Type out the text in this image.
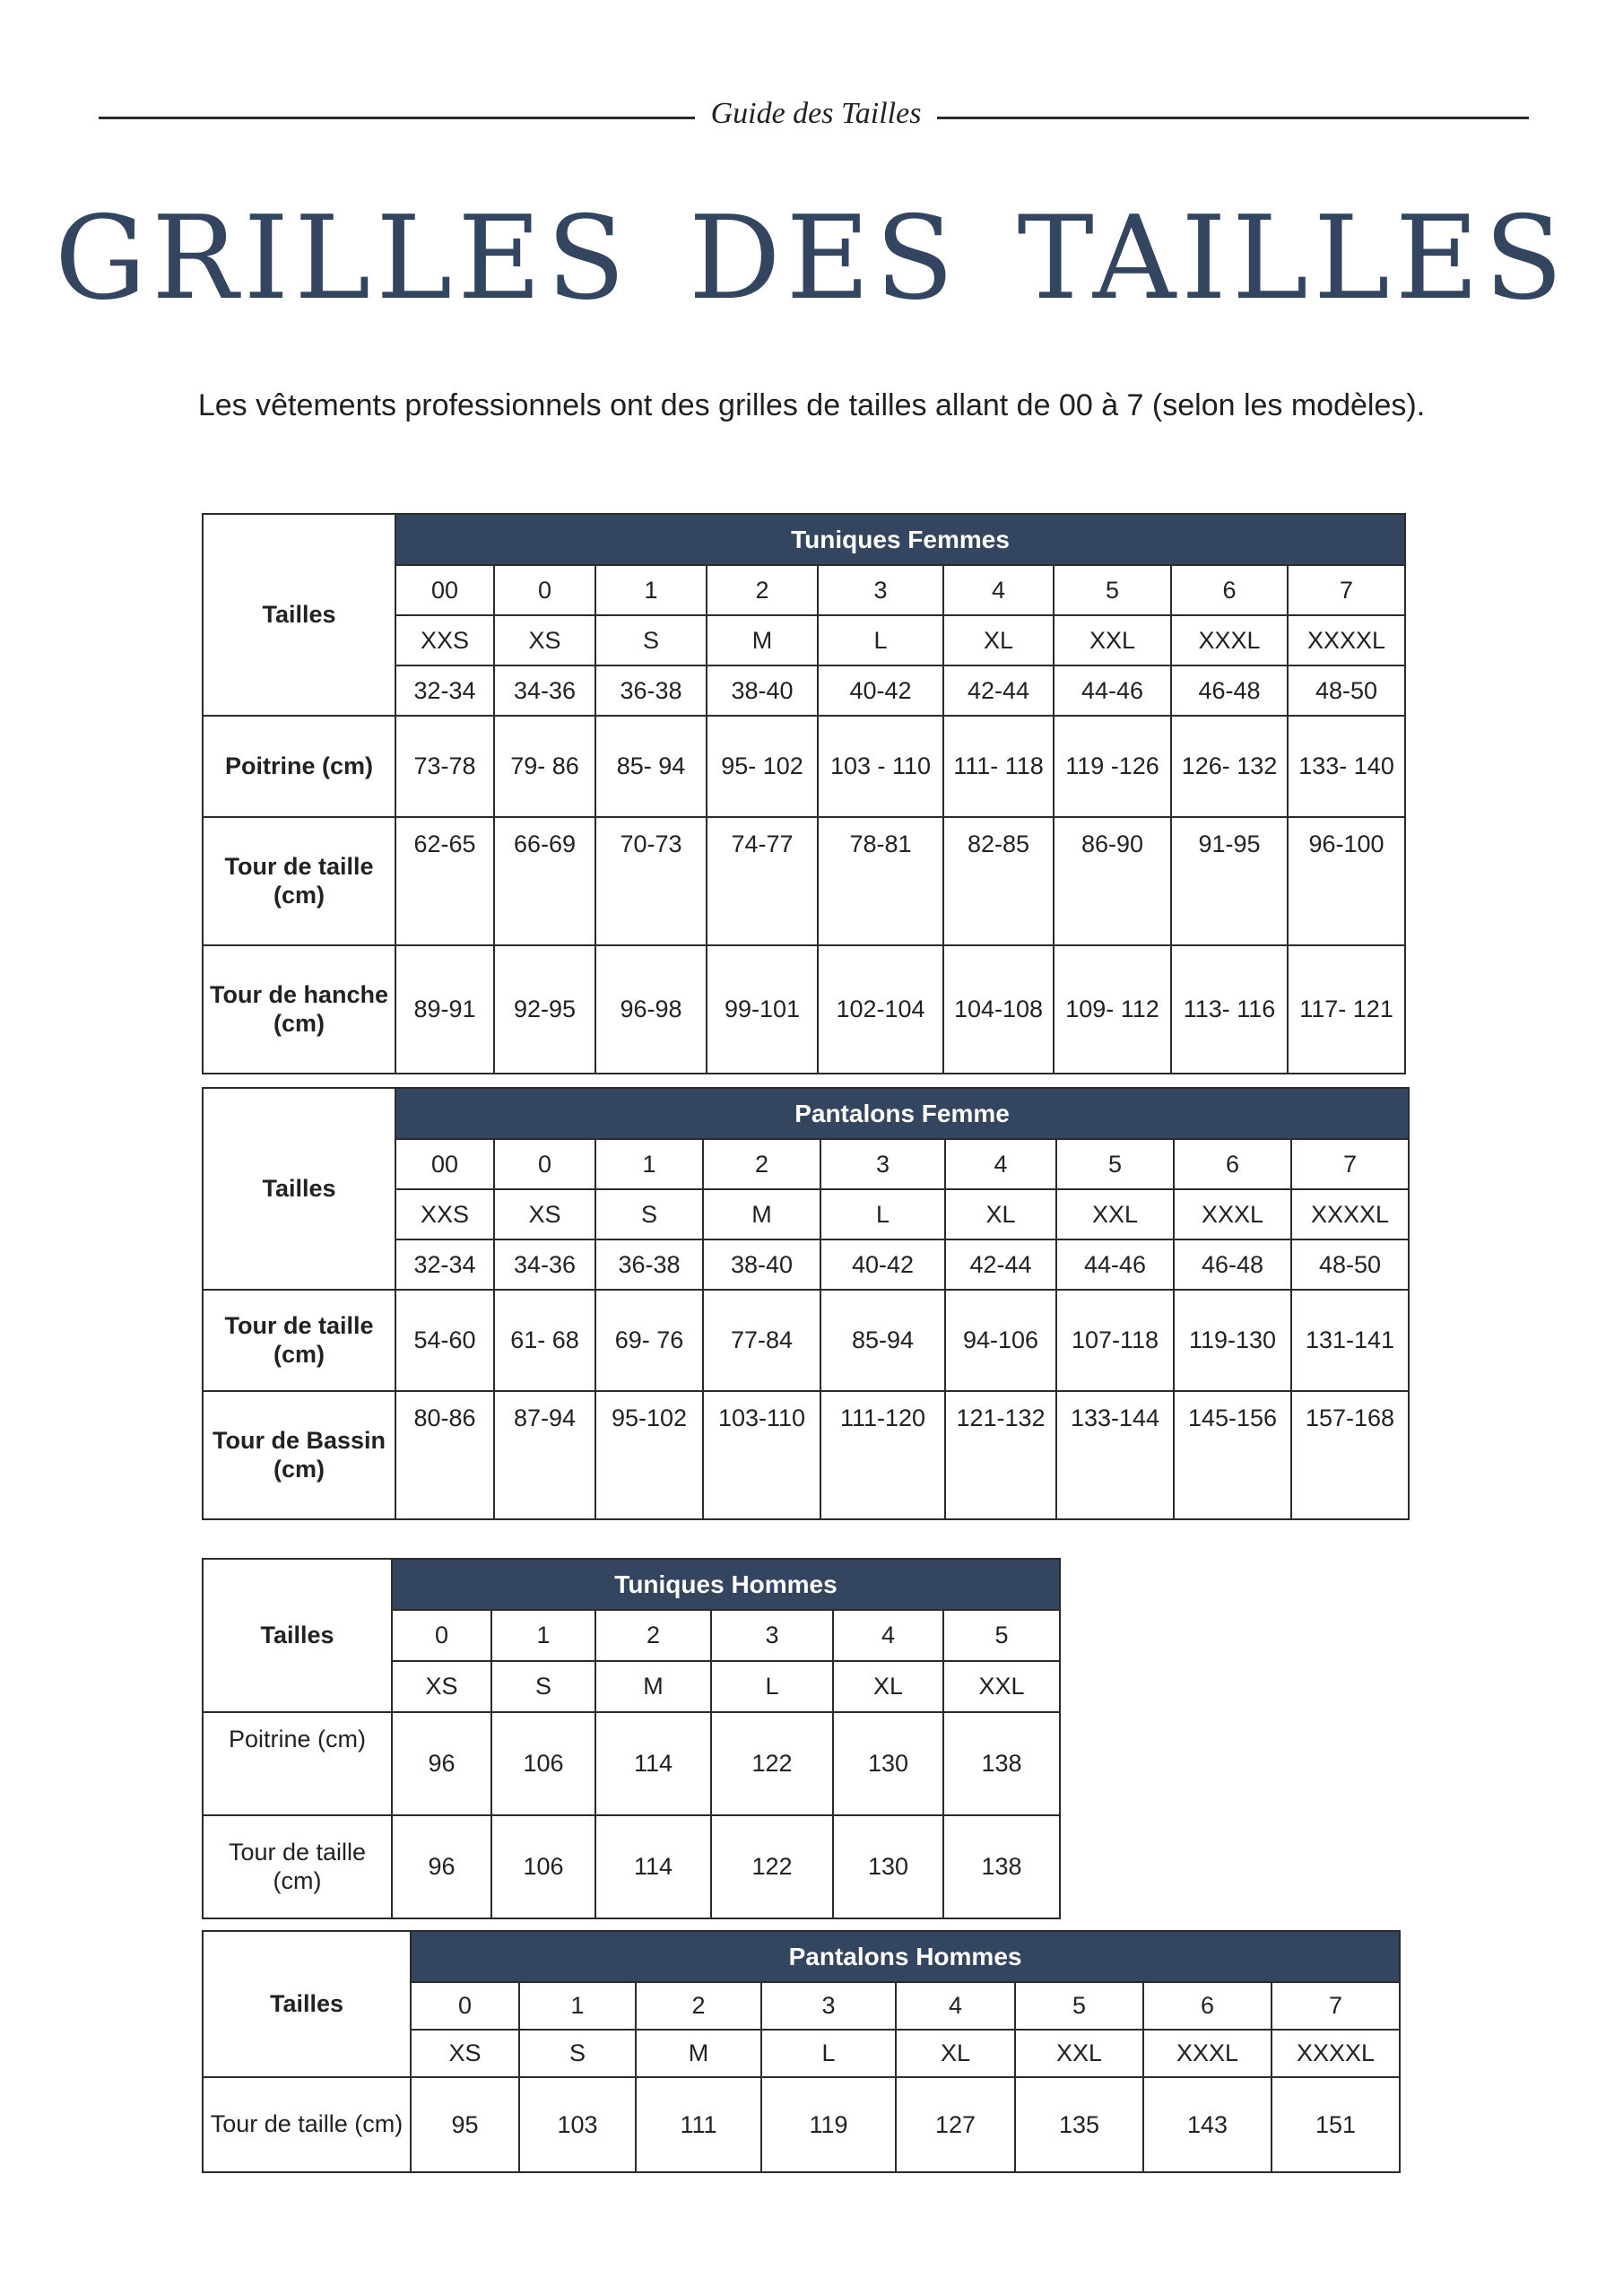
Guide des Tailles
GRILLES DES TAILLES
Les vêtements professionnels ont des grilles de tailles allant de 00 à 7 (selon les modèles).
Tailles	Tuniques Femmes								
	00	0	1	2	3	4	5	6	7
	XXS	XS	S	M	L	XL	XXL	XXXL	XXXXL
	32-34	34-36	36-38	38-40	40-42	42-44	44-46	46-48	48-50
Poitrine (cm)	73-78	79- 86	85- 94	95- 102	103 - 110	111- 118	119 -126	126- 132	133- 140
Tour de taille (cm)	62-65	66-69	70-73	74-77	78-81	82-85	86-90	91-95	96-100
Tour de hanche (cm)	89-91	92-95	96-98	99-101	102-104	104-108	109- 112	113- 116	117- 121
Tailles	Pantalons Femme								
	00	0	1	2	3	4	5	6	7
	XXS	XS	S	M	L	XL	XXL	XXXL	XXXXL
	32-34	34-36	36-38	38-40	40-42	42-44	44-46	46-48	48-50
Tour de taille (cm)	54-60	61- 68	69- 76	77-84	85-94	94-106	107-118	119-130	131-141
Tour de Bassin (cm)	80-86	87-94	95-102	103-110	111-120	121-132	133-144	145-156	157-168
Tailles	Tuniques Hommes					
	0	1	2	3	4	5
	XS	S	M	L	XL	XXL
Poitrine (cm)	96	106	114	122	130	138
Tour de taille (cm)	96	106	114	122	130	138
Tailles	Pantalons Hommes							
	0	1	2	3	4	5	6	7
	XS	S	M	L	XL	XXL	XXXL	XXXXL
Tour de taille (cm)	95	103	111	119	127	135	143	151
